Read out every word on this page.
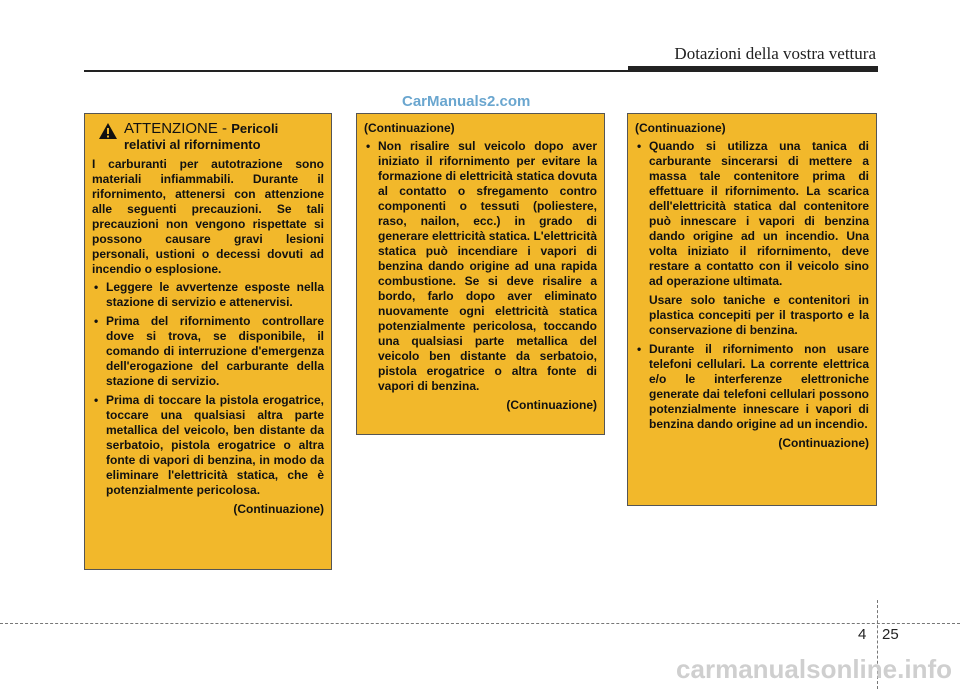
Dotazioni della vostra vettura
CarManuals2.com
ATTENZIONE - Pericoli
relativi al rifornimento
I carburanti per autotrazione sono materiali infiammabili. Durante il rifornimento, attenersi con attenzione alle seguenti precauzioni. Se tali precauzioni non vengono rispettate si possono causare gravi lesioni personali, ustioni o decessi dovuti ad incendio o esplosione.
• Leggere le avvertenze esposte nella stazione di servizio e attenervisi.
• Prima del rifornimento controllare dove si trova, se disponibile, il comando di interruzione d'emergenza dell'erogazione del carburante della stazione di servizio.
• Prima di toccare la pistola erogatrice, toccare una qualsiasi altra parte metallica del veicolo, ben distante da serbatoio, pistola erogatrice o altra fonte di vapori di benzina, in modo da eliminare l'elettricità statica, che è potenzialmente pericolosa.
(Continuazione)
(Continuazione)
• Non risalire sul veicolo dopo aver iniziato il rifornimento per evitare la formazione di elettricità statica dovuta al contatto o sfregamento contro componenti o tessuti (poliestere, raso, nailon, ecc.) in grado di generare elettricità statica. L'elettricità statica può incendiare i vapori di benzina dando origine ad una rapida combustione. Se si deve risalire a bordo, farlo dopo aver eliminato nuovamente ogni elettricità statica potenzialmente pericolosa, toccando una qualsiasi parte metallica del veicolo ben distante da serbatoio, pistola erogatrice o altra fonte di vapori di benzina.
(Continuazione)
(Continuazione)
• Quando si utilizza una tanica di carburante sincerarsi di mettere a massa tale contenitore prima di effettuare il rifornimento. La scarica dell'elettricità statica dal contenitore può innescare i vapori di benzina dando origine ad un incendio. Una volta iniziato il rifornimento, deve restare a contatto con il veicolo sino ad operazione ultimata.
Usare solo taniche e contenitori in plastica concepiti per il trasporto e la conservazione di benzina.
• Durante il rifornimento non usare telefoni cellulari. La corrente elettrica e/o le interferenze elettroniche generate dai telefoni cellulari possono potenzialmente innescare i vapori di benzina dando origine ad un incendio.
(Continuazione)
4 25
carmanualsonline.info
